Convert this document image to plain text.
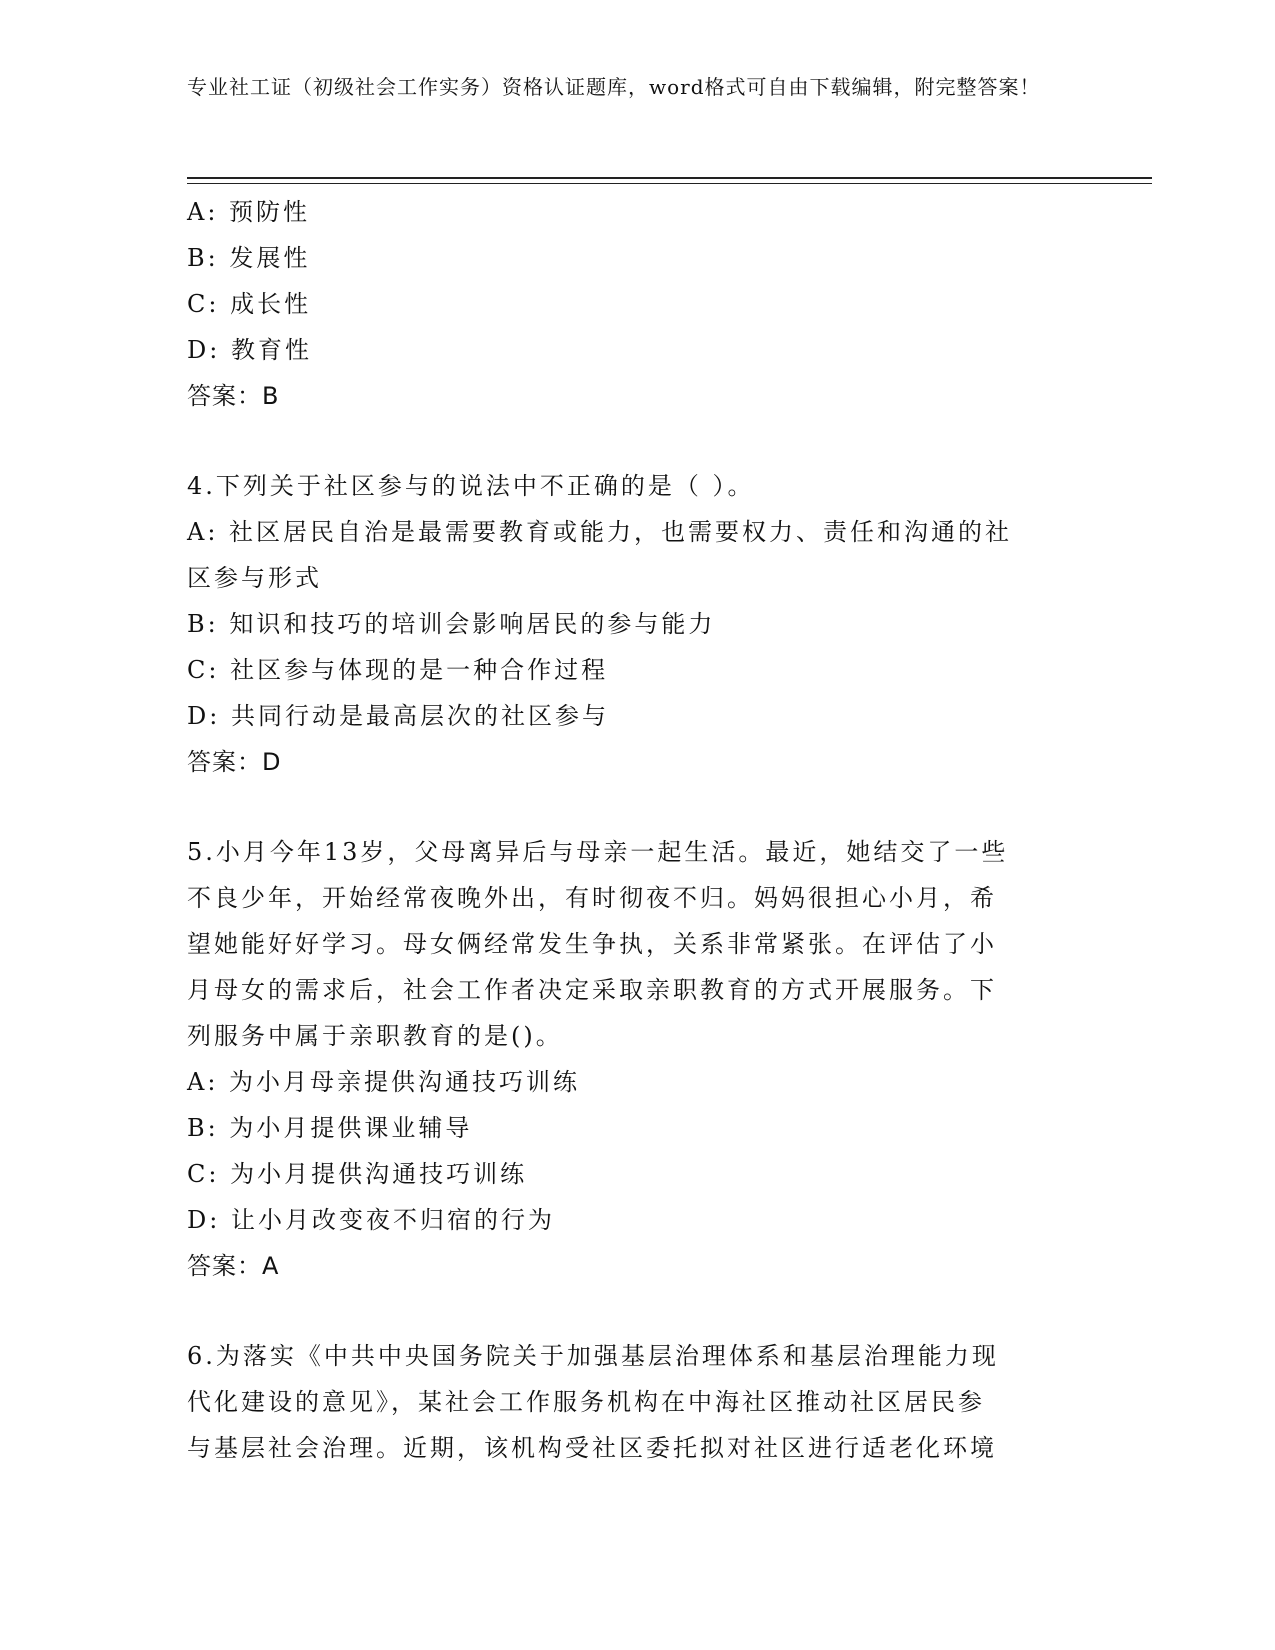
专业社工证（初级社会工作实务）资格认证题库，word格式可自由下载编辑，附完整答案！
A: 预防性
B: 发展性
C: 成长性
D: 教育性
答案：B
4.下列关于社区参与的说法中不正确的是（ ）。
A: 社区居民自治是最需要教育或能力，也需要权力、责任和沟通的社
区参与形式
B: 知识和技巧的培训会影响居民的参与能力
C: 社区参与体现的是一种合作过程
D: 共同行动是最高层次的社区参与
答案：D
5.小月今年13岁，父母离异后与母亲一起生活。最近，她结交了一些
不良少年，开始经常夜晚外出，有时彻夜不归。妈妈很担心小月，希
望她能好好学习。母女俩经常发生争执，关系非常紧张。在评估了小
月母女的需求后，社会工作者决定采取亲职教育的方式开展服务。下
列服务中属于亲职教育的是()。
A: 为小月母亲提供沟通技巧训练
B: 为小月提供课业辅导
C: 为小月提供沟通技巧训练
D: 让小月改变夜不归宿的行为
答案：A
6.为落实《中共中央国务院关于加强基层治理体系和基层治理能力现
代化建设的意见》，某社会工作服务机构在中海社区推动社区居民参
与基层社会治理。近期，该机构受社区委托拟对社区进行适老化环境
